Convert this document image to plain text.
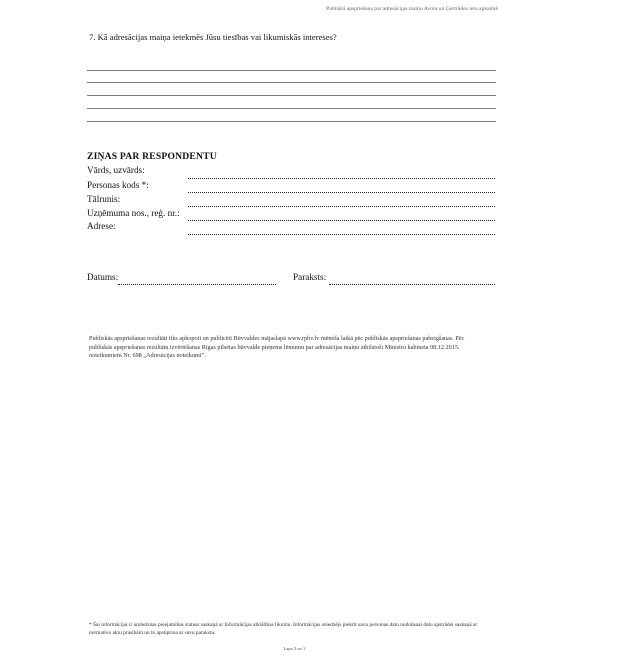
Publiskā apspriešana par adresācijas maiņu Avotu un Ģertrūdes ielu apkaimē
7. Kā adresācijas maiņa ietekmēs Jūsu tiesības vai likumiskās intereses?
ZIŅAS PAR RESPONDENTU
Vārds, uzvārds:
Personas kods *:
Tālrunis:
Uzņēmuma nos., reģ. nr.:
Adrese:
Datums:	Paraksts:
Publiskās apspriešanas rezultāti tiks apkopoti un publicēti Būvvaldes mājaslapā www.rpbv.lv mēneša laikā pēc publiskās apspriešanas pabeigšanas. Pēc publiskās apspriešanas rezultātu izvērtēšanas Rīgas pilsētas būvvalde pieņems lēmumu par adresācijas maiņu atbilstoši Ministru kabineta 08.12.2015. noteikumiem Nr. 698 „Adresācijas noteikumi”.
* Šai informācijai ir arobežotas pieejamības statuss saskaņā ar Informācijas atklātības likumu. Informācijas sniedzējs piekrīt savu personas datu nodošanai datu apstrādei saskaņā ar normatīvo aktu prasībām un to apstiprina ar savu parakstu.
Lapa 3 no 3
